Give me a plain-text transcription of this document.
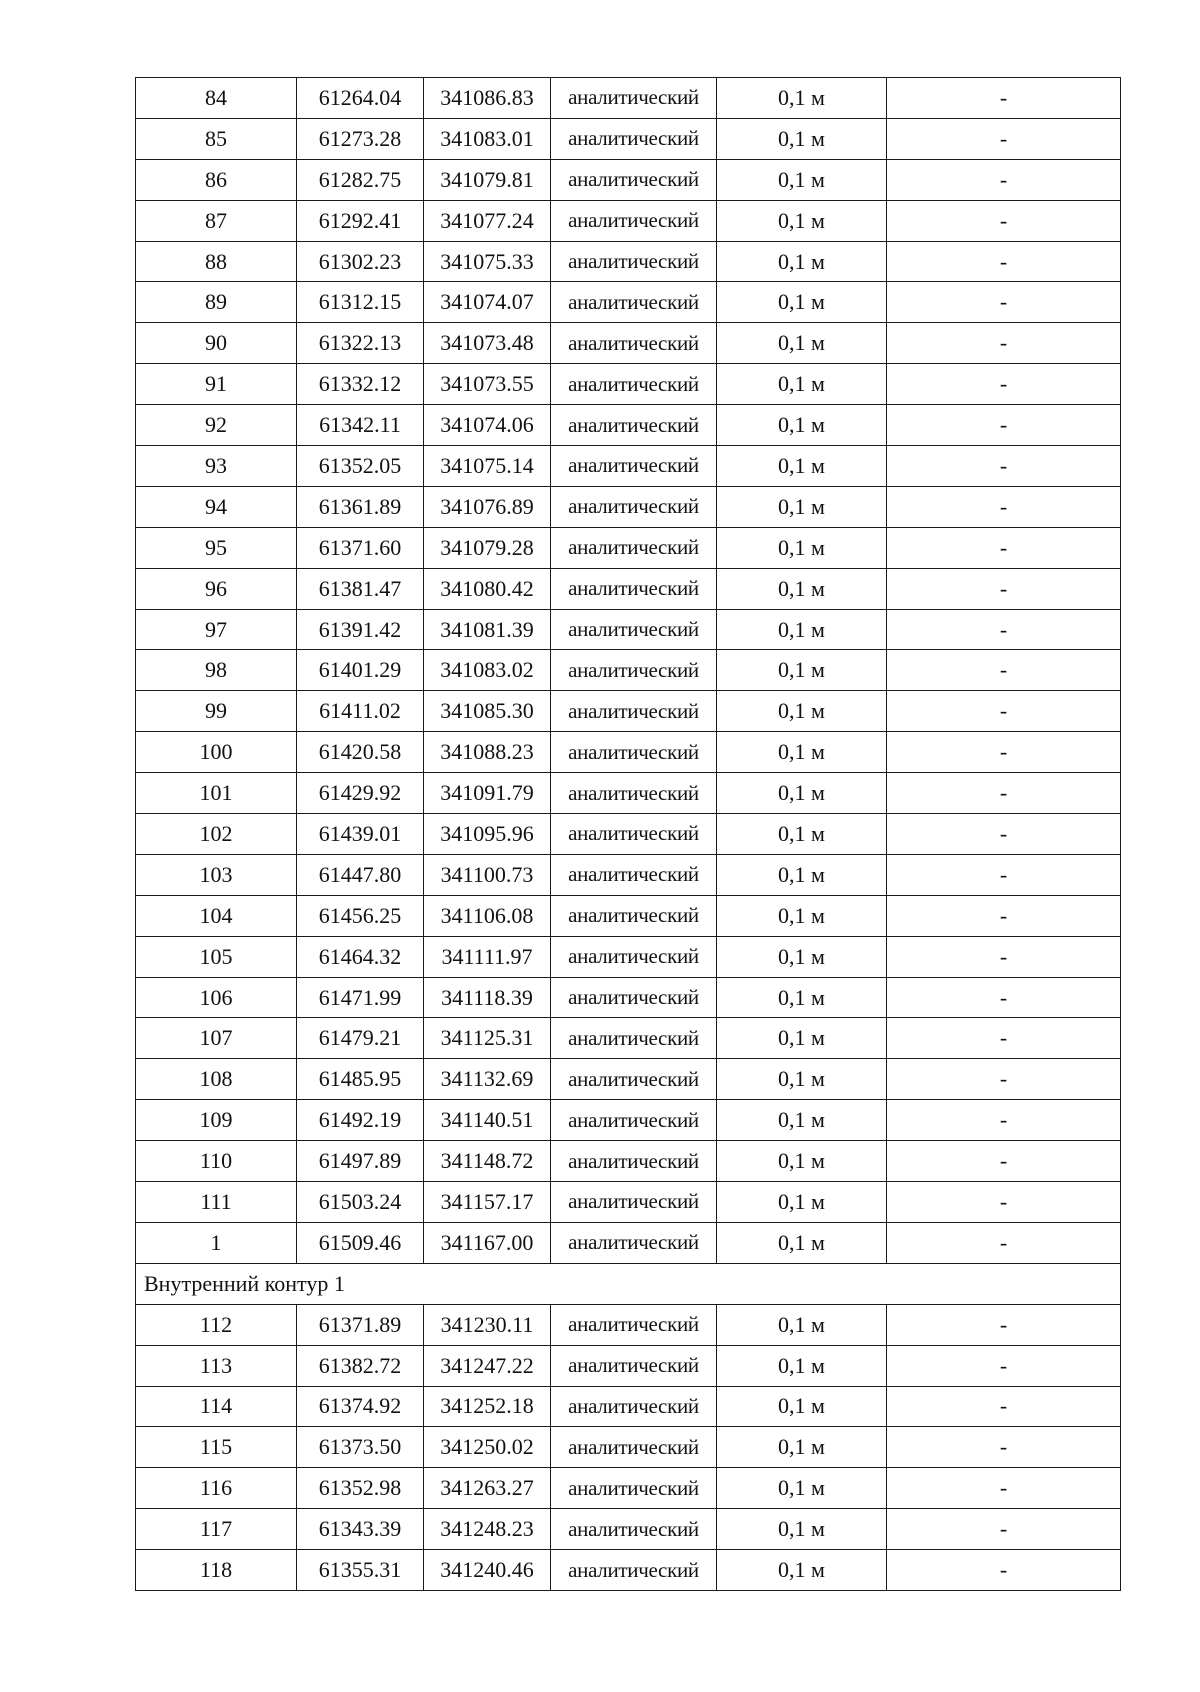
84	61264.04	341086.83	аналитический	0,1 м	-
85	61273.28	341083.01	аналитический	0,1 м	-
86	61282.75	341079.81	аналитический	0,1 м	-
87	61292.41	341077.24	аналитический	0,1 м	-
88	61302.23	341075.33	аналитический	0,1 м	-
89	61312.15	341074.07	аналитический	0,1 м	-
90	61322.13	341073.48	аналитический	0,1 м	-
91	61332.12	341073.55	аналитический	0,1 м	-
92	61342.11	341074.06	аналитический	0,1 м	-
93	61352.05	341075.14	аналитический	0,1 м	-
94	61361.89	341076.89	аналитический	0,1 м	-
95	61371.60	341079.28	аналитический	0,1 м	-
96	61381.47	341080.42	аналитический	0,1 м	-
97	61391.42	341081.39	аналитический	0,1 м	-
98	61401.29	341083.02	аналитический	0,1 м	-
99	61411.02	341085.30	аналитический	0,1 м	-
100	61420.58	341088.23	аналитический	0,1 м	-
101	61429.92	341091.79	аналитический	0,1 м	-
102	61439.01	341095.96	аналитический	0,1 м	-
103	61447.80	341100.73	аналитический	0,1 м	-
104	61456.25	341106.08	аналитический	0,1 м	-
105	61464.32	341111.97	аналитический	0,1 м	-
106	61471.99	341118.39	аналитический	0,1 м	-
107	61479.21	341125.31	аналитический	0,1 м	-
108	61485.95	341132.69	аналитический	0,1 м	-
109	61492.19	341140.51	аналитический	0,1 м	-
110	61497.89	341148.72	аналитический	0,1 м	-
111	61503.24	341157.17	аналитический	0,1 м	-
1	61509.46	341167.00	аналитический	0,1 м	-
Внутренний контур 1					
112	61371.89	341230.11	аналитический	0,1 м	-
113	61382.72	341247.22	аналитический	0,1 м	-
114	61374.92	341252.18	аналитический	0,1 м	-
115	61373.50	341250.02	аналитический	0,1 м	-
116	61352.98	341263.27	аналитический	0,1 м	-
117	61343.39	341248.23	аналитический	0,1 м	-
118	61355.31	341240.46	аналитический	0,1 м	-
